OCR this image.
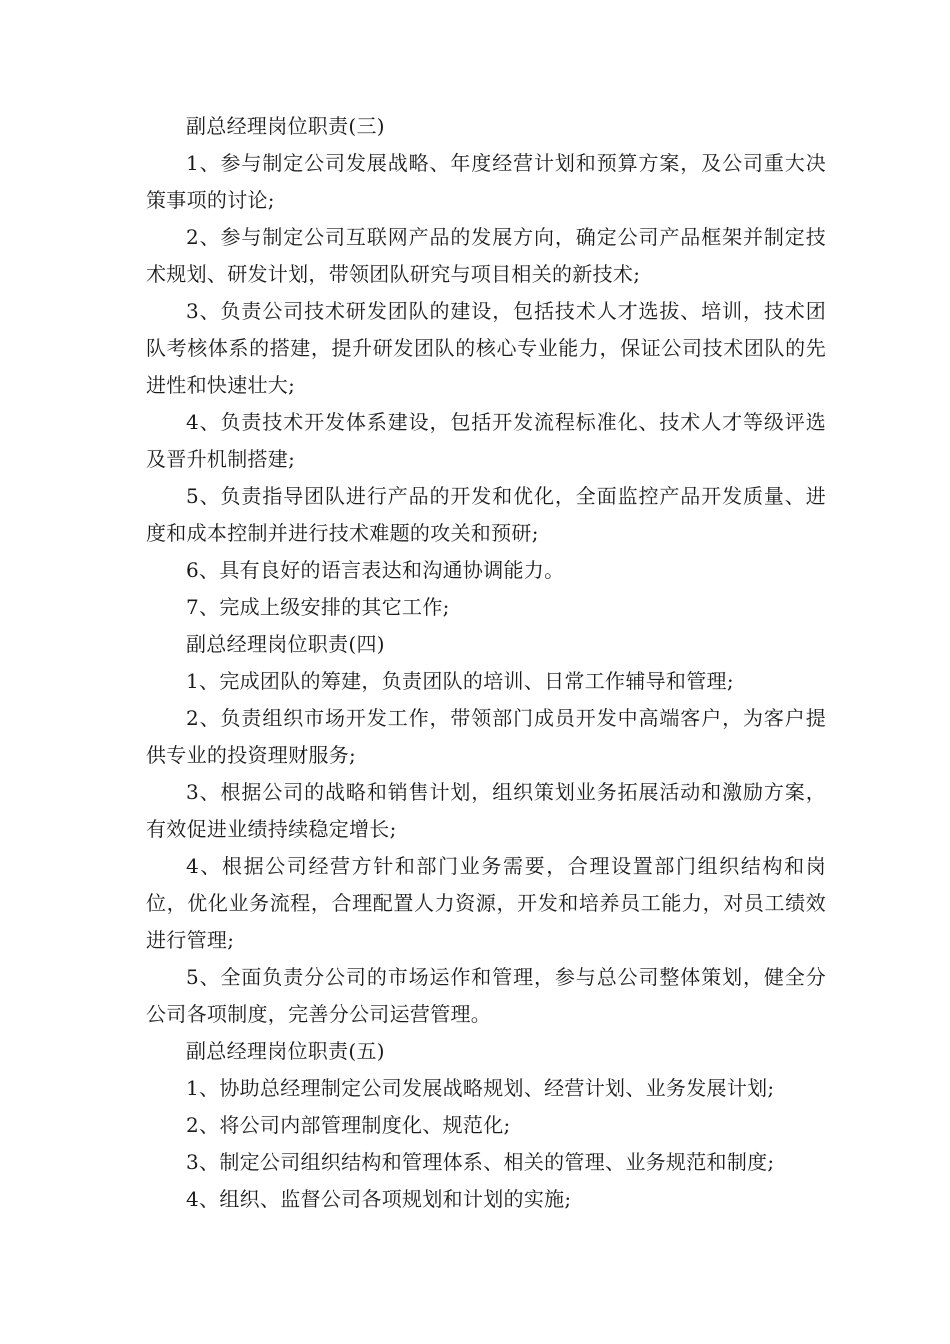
副总经理岗位职责(三)

1、参与制定公司发展战略、年度经营计划和预算方案，及公司重大决策事项的讨论;

2、参与制定公司互联网产品的发展方向，确定公司产品框架并制定技术规划、研发计划，带领团队研究与项目相关的新技术;

3、负责公司技术研发团队的建设，包括技术人才选拔、培训，技术团队考核体系的搭建，提升研发团队的核心专业能力，保证公司技术团队的先进性和快速壮大;

4、负责技术开发体系建设，包括开发流程标准化、技术人才等级评选及晋升机制搭建;

5、负责指导团队进行产品的开发和优化，全面监控产品开发质量、进度和成本控制并进行技术难题的攻关和预研;

6、具有良好的语言表达和沟通协调能力。

7、完成上级安排的其它工作;

副总经理岗位职责(四)

1、完成团队的筹建，负责团队的培训、日常工作辅导和管理;

2、负责组织市场开发工作，带领部门成员开发中高端客户，为客户提供专业的投资理财服务;

3、根据公司的战略和销售计划，组织策划业务拓展活动和激励方案，有效促进业绩持续稳定增长;

4、根据公司经营方针和部门业务需要，合理设置部门组织结构和岗位，优化业务流程，合理配置人力资源，开发和培养员工能力，对员工绩效进行管理;

5、全面负责分公司的市场运作和管理，参与总公司整体策划，健全分公司各项制度，完善分公司运营管理。

副总经理岗位职责(五)

1、协助总经理制定公司发展战略规划、经营计划、业务发展计划;

2、将公司内部管理制度化、规范化;

3、制定公司组织结构和管理体系、相关的管理、业务规范和制度;

4、组织、监督公司各项规划和计划的实施;
